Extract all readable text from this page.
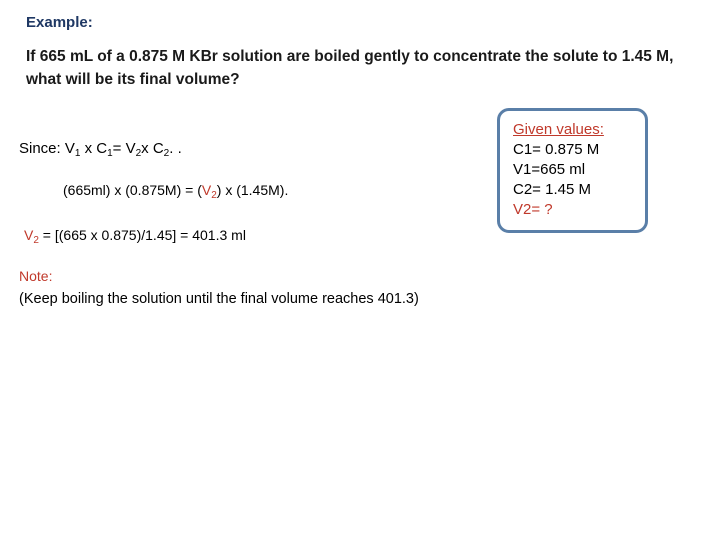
Example:
If 665 mL of a 0.875 M KBr solution are boiled gently to concentrate the solute to 1.45 M, what will be its final volume?
Since: $V_1$ x $C_1= V_2x$ $C_2$. .
(665ml) x $(0.875M) = (V_2)$ x (1.45M).
$V_2 = [(665$ x 0.875)/1.45] = 401.3 ml
Note:
(Keep boiling the solution until the final volume reaches 401.3)
Given values:
C1= 0.875 M
V1=665 ml
C2= 1.45 M
V2= ?
